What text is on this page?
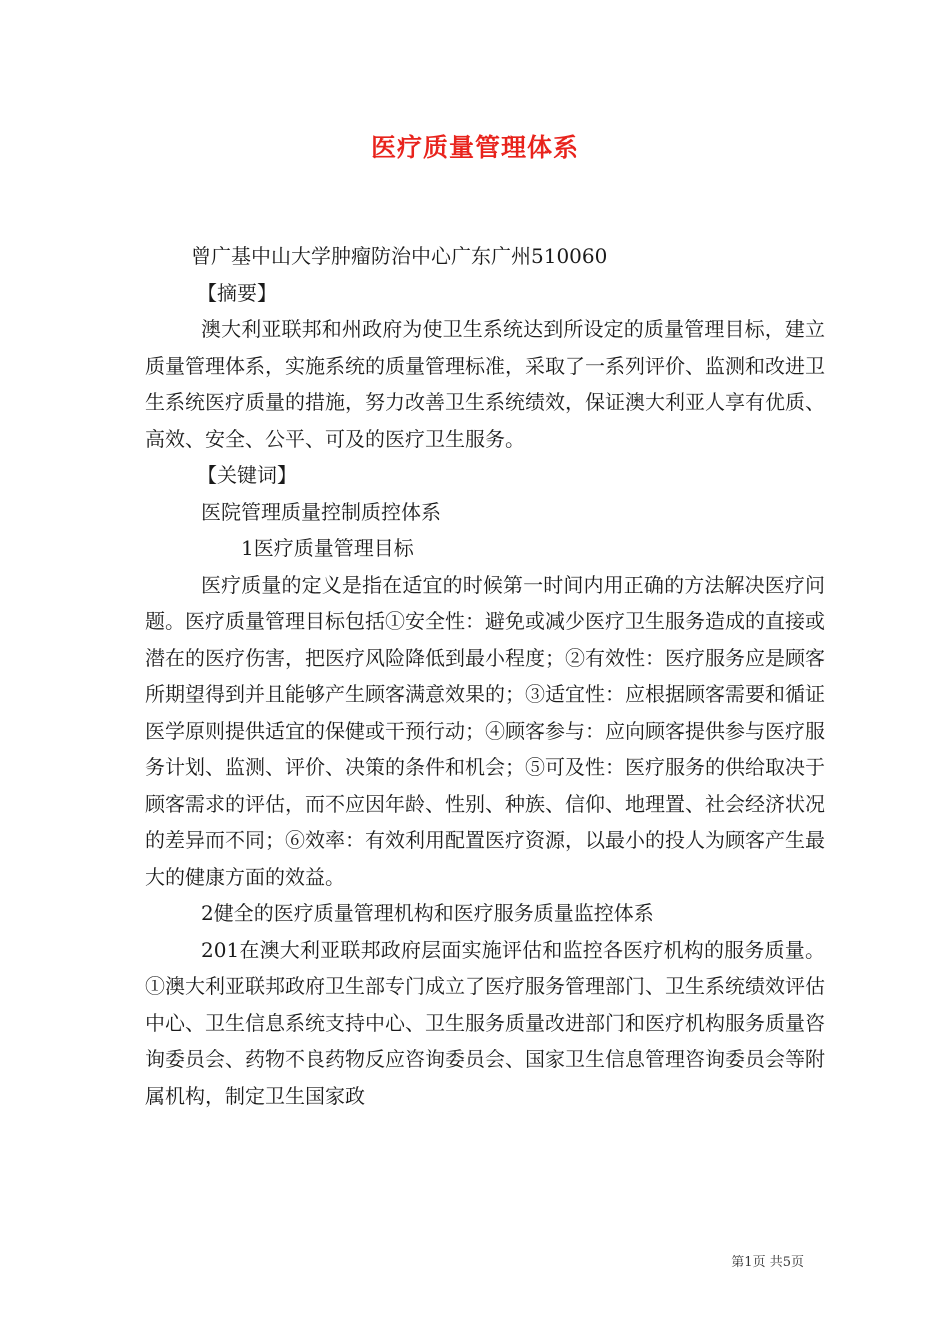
医疗质量管理体系

曾广基中山大学肿瘤防治中心广东广州510060

【摘要】

澳大利亚联邦和州政府为使卫生系统达到所设定的质量管理目标，建立质量管理体系，实施系统的质量管理标准，采取了一系列评价、监测和改进卫生系统医疗质量的措施，努力改善卫生系统绩效，保证澳大利亚人享有优质、高效、安全、公平、可及的医疗卫生服务。

【关键词】

医院管理质量控制质控体系

1医疗质量管理目标

医疗质量的定义是指在适宜的时候第一时间内用正确的方法解决医疗问题。医疗质量管理目标包括①安全性：避免或减少医疗卫生服务造成的直接或潜在的医疗伤害，把医疗风险降低到最小程度；②有效性：医疗服务应是顾客所期望得到并且能够产生顾客满意效果的；③适宜性：应根据顾客需要和循证医学原则提供适宜的保健或干预行动；④顾客参与：应向顾客提供参与医疗服务计划、监测、评价、决策的条件和机会；⑤可及性：医疗服务的供给取决于顾客需求的评估，而不应因年龄、性别、种族、信仰、地理置、社会经济状况的差异而不同；⑥效率：有效利用配置医疗资源，以最小的投人为顾客产生最大的健康方面的效益。

2健全的医疗质量管理机构和医疗服务质量监控体系

201在澳大利亚联邦政府层面实施评估和监控各医疗机构的服务质量。①澳大利亚联邦政府卫生部专门成立了医疗服务管理部门、卫生系统绩效评估中心、卫生信息系统支持中心、卫生服务质量改进部门和医疗机构服务质量咨询委员会、药物不良药物反应咨询委员会、国家卫生信息管理咨询委员会等附属机构，制定卫生国家政

第1页 共5页
